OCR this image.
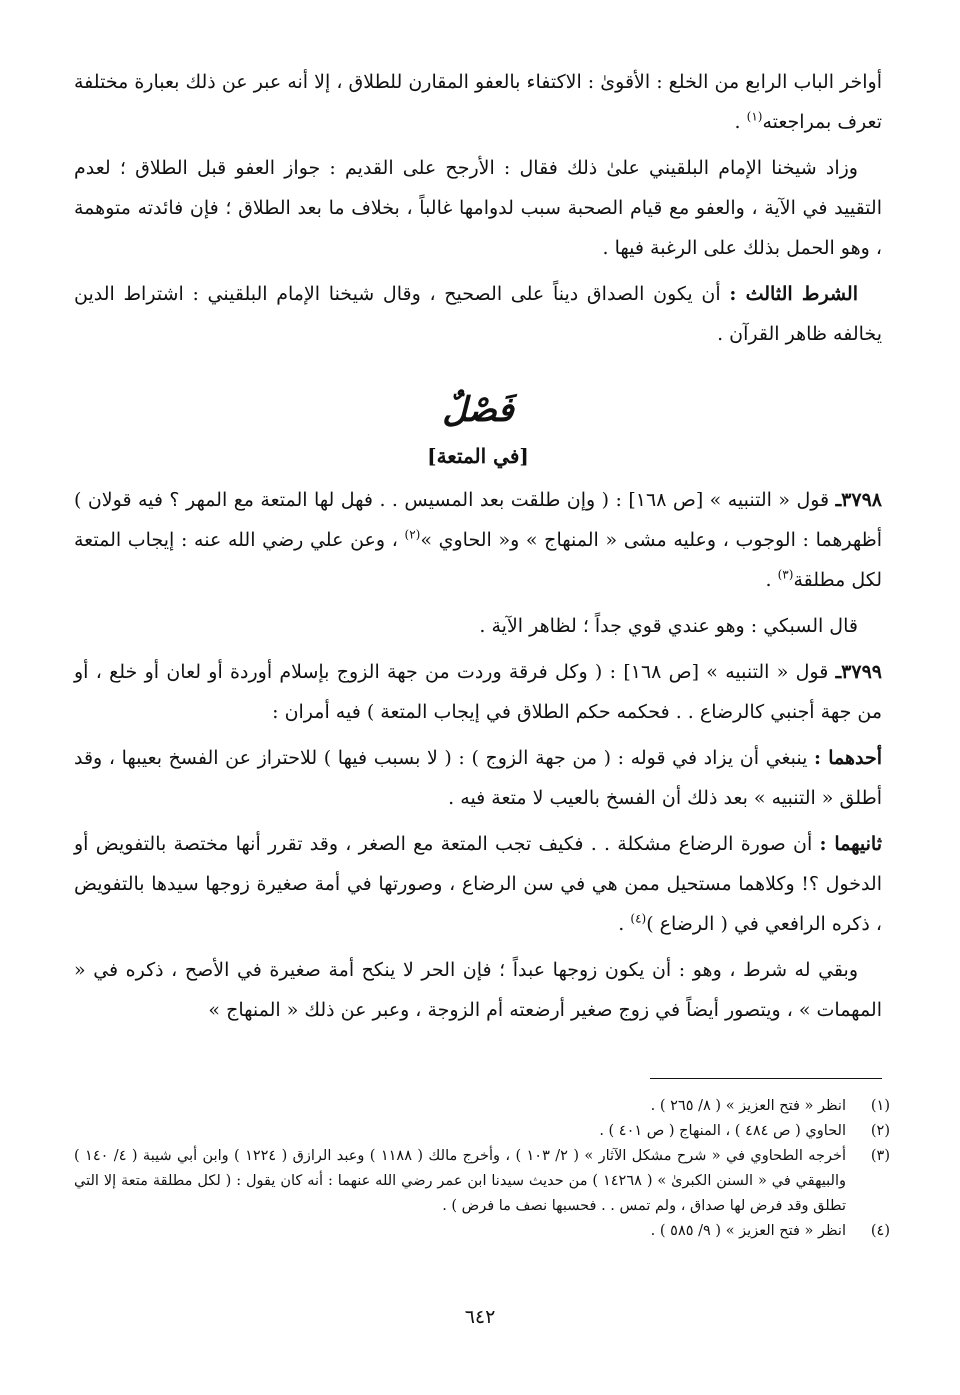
أواخر الباب الرابع من الخلع : الأقوىٰ : الاكتفاء بالعفو المقارن للطلاق ، إلا أنه عبر عن ذلك بعبارة مختلفة تعرف بمراجعته$^{(١)}$ .

وزاد شيخنا الإمام البلقيني علىٰ ذلك فقال : الأرجح على القديم : جواز العفو قبل الطلاق ؛ لعدم التقييد في الآية ، والعفو مع قيام الصحبة سبب لدوامها غالباً ، بخلاف ما بعد الطلاق ؛ فإن فائدته متوهمة ، وهو الحمل بذلك على الرغبة فيها .

الشرط الثالث : أن يكون الصداق ديناً على الصحيح ، وقال شيخنا الإمام البلقيني : اشتراط الدين يخالفه ظاهر القرآن .

فَصْلٌ
[في المتعة]

٣٧٩٨ـ قول « التنبيه » [ص ١٦٨] : ( وإن طلقت بعد المسيس . . فهل لها المتعة مع المهر ؟ فيه قولان ) أظهرهما : الوجوب ، وعليه مشى « المنهاج » و« الحاوي »$^{(٢)}$ ، وعن علي رضي الله عنه : إيجاب المتعة لكل مطلقة$^{(٣)}$ .

قال السبكي : وهو عندي قوي جداً ؛ لظاهر الآية .

٣٧٩٩ـ قول « التنبيه » [ص ١٦٨] : ( وكل فرقة وردت من جهة الزوج بإسلام أوردة أو لعان أو خلع ، أو من جهة أجنبي كالرضاع . . فحكمه حكم الطلاق في إيجاب المتعة ) فيه أمران :

أحدهما : ينبغي أن يزاد في قوله : ( من جهة الزوج ) : ( لا بسبب فيها ) للاحتراز عن الفسخ بعيبها ، وقد أطلق « التنبيه » بعد ذلك أن الفسخ بالعيب لا متعة فيه .

ثانيهما : أن صورة الرضاع مشكلة . . فكيف تجب المتعة مع الصغر ، وقد تقرر أنها مختصة بالتفويض أو الدخول ؟! وكلاهما مستحيل ممن هي في سن الرضاع ، وصورتها في أمة صغيرة زوجها سيدها بالتفويض ، ذكره الرافعي في ( الرضاع )$^{(٤)}$ .

وبقي له شرط ، وهو : أن يكون زوجها عبداً ؛ فإن الحر لا ينكح أمة صغيرة في الأصح ، ذكره في « المهمات » ، ويتصور أيضاً في زوج صغير أرضعته أم الزوجة ، وعبر عن ذلك « المنهاج »

(١)
انظر « فتح العزيز » ( ٨/ ٢٦٥ ) .
(٢)
الحاوي ( ص ٤٨٤ ) ، المنهاج ( ص ٤٠١ ) .
(٣)
أخرجه الطحاوي في « شرح مشكل الآثار » ( ٢/ ١٠٣ ) ، وأخرج مالك ( ١١٨٨ ) وعبد الرازق ( ١٢٢٤ ) وابن أبي شيبة ( ٤/ ١٤٠ ) والبيهقي في « السنن الكبرىٰ » ( ١٤٢٦٨ ) من حديث سيدنا ابن عمر رضي الله عنهما : أنه كان يقول : ( لكل مطلقة متعة إلا التي تطلق وقد فرض لها صداق ، ولم تمس . . فحسبها نصف ما فرض ) .
(٤)
انظر « فتح العزيز » ( ٩/ ٥٨٥ ) .
٦٤٢
